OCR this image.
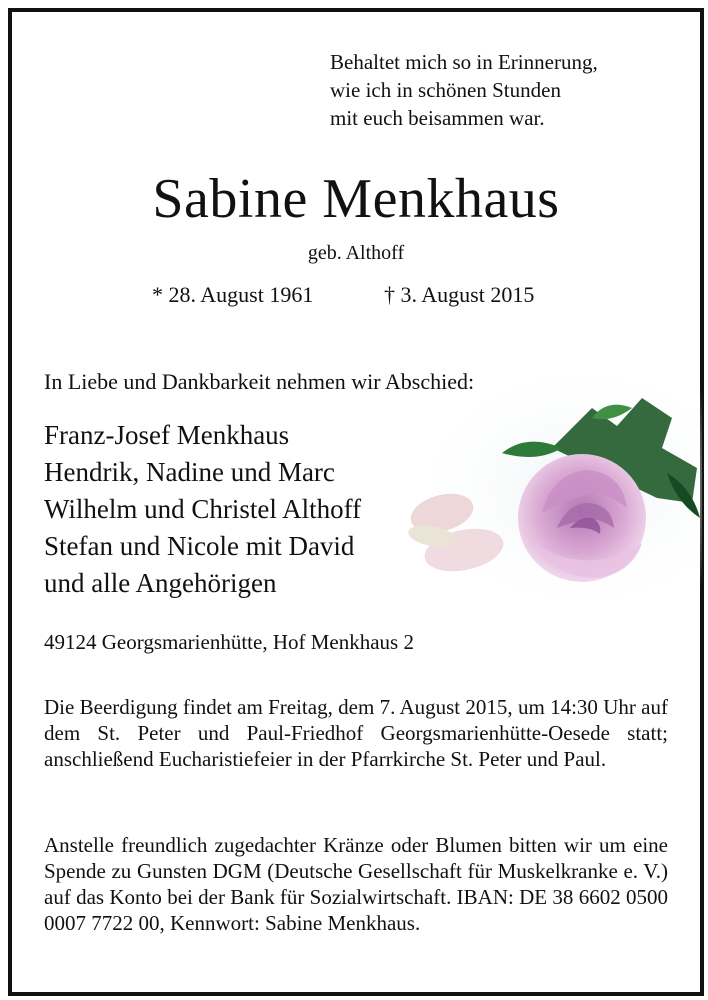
Behaltet mich so in Erinnerung,
wie ich in schönen Stunden
mit euch beisammen war.
Sabine Menkhaus
geb. Althoff
* 28. August 1961	† 3. August 2015
In Liebe und Dankbarkeit nehmen wir Abschied:
Franz-Josef Menkhaus
Hendrik, Nadine und Marc
Wilhelm und Christel Althoff
Stefan und Nicole mit David
und alle Angehörigen
49124 Georgsmarienhütte, Hof Menkhaus 2
Die Beerdigung findet am Freitag, dem 7. August 2015, um 14:30 Uhr auf dem St. Peter und Paul-Friedhof Georgsmarienhütte-Oesede statt; anschließend Eucharistiefeier in der Pfarrkirche St. Peter und Paul.
Anstelle freundlich zugedachter Kränze oder Blumen bitten wir um eine Spende zu Gunsten DGM (Deutsche Gesellschaft für Muskelkranke e. V.) auf das Konto bei der Bank für Sozialwirtschaft. IBAN: DE 38 6602 0500 0007 7722 00, Kennwort: Sabine Menkhaus.
